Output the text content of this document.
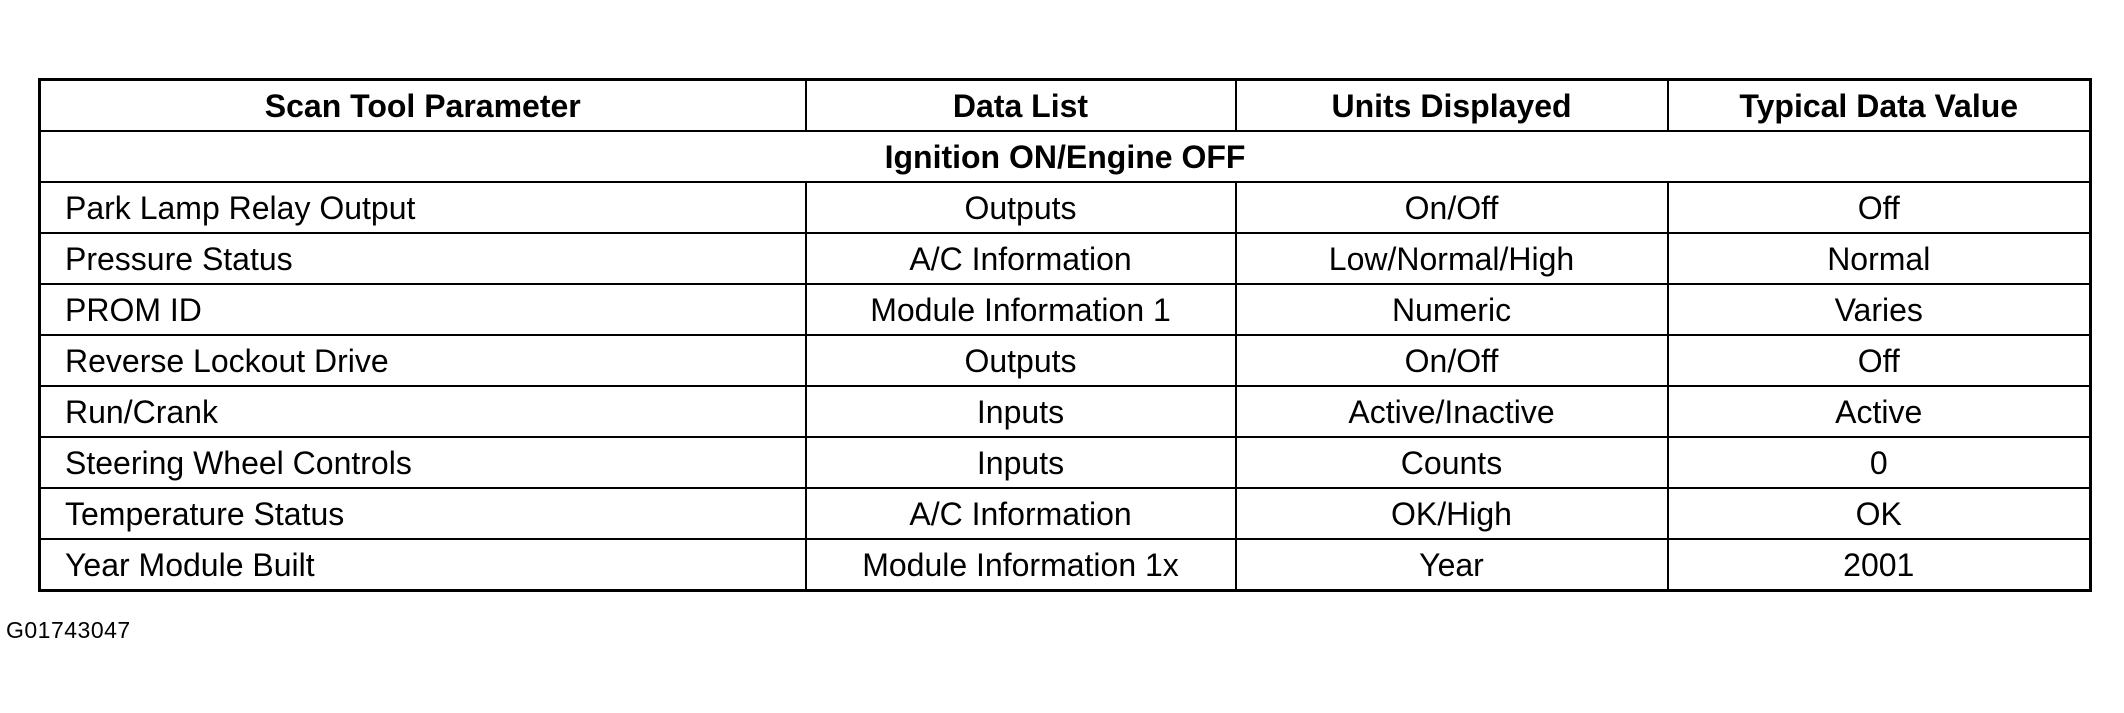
Scan Tool Parameter	Data List	Units Displayed	Typical Data Value
Ignition ON/Engine OFF			
Park Lamp Relay Output	Outputs	On/Off	Off
Pressure Status	A/C Information	Low/Normal/High	Normal
PROM ID	Module Information 1	Numeric	Varies
Reverse Lockout Drive	Outputs	On/Off	Off
Run/Crank	Inputs	Active/Inactive	Active
Steering Wheel Controls	Inputs	Counts	0
Temperature Status	A/C Information	OK/High	OK
Year Module Built	Module Information 1x	Year	2001
G01743047
